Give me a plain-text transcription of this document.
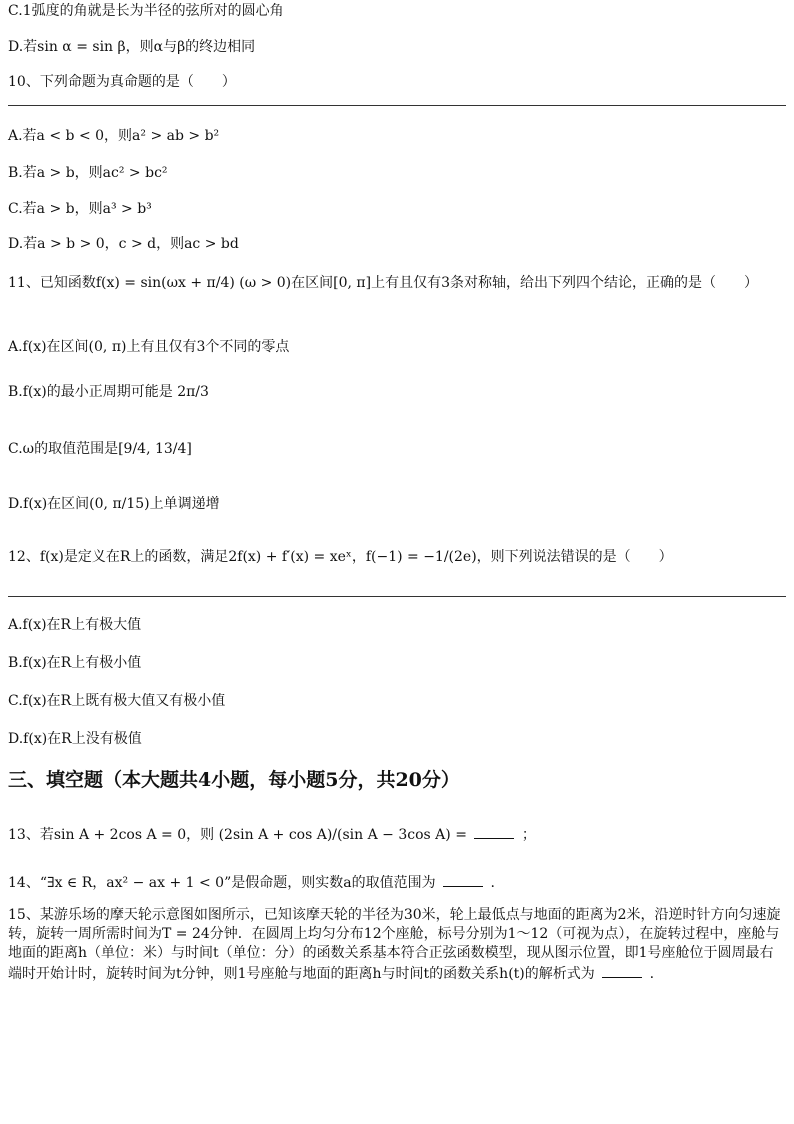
C.1弧度的角就是长为半径的弦所对的圆心角
D.若sin α = sin β，则α与β的终边相同
10、下列命题为真命题的是（　　）
A.若a < b < 0，则a² > ab > b²
B.若a > b，则ac² > bc²
C.若a > b，则a³ > b³
D.若a > b > 0，c > d，则ac > bd
11、已知函数f(x) = sin(ωx + π/4) (ω > 0)在区间[0, π]上有且仅有3条对称轴，给出下列四个结论，正确的是（　　）
A.f(x)在区间(0, π)上有且仅有3个不同的零点
B.f(x)的最小正周期可能是 2π/3
C.ω的取值范围是[9/4, 13/4]
D.f(x)在区间(0, π/15)上单调递增
12、f(x)是定义在R上的函数，满足2f(x) + f′(x) = xeˣ，f(−1) = −1/(2e)，则下列说法错误的是（　　）
A.f(x)在R上有极大值
B.f(x)在R上有极小值
C.f(x)在R上既有极大值又有极小值
D.f(x)在R上没有极值
三、填空题（本大题共4小题，每小题5分，共20分）
13、若sin A + 2cos A = 0，则 (2sin A + cos A)/(sin A − 3cos A) =	；
14、“∃x ∈ R，ax² − ax + 1 < 0”是假命题，则实数a的取值范围为	.
15、某游乐场的摩天轮示意图如图所示，已知该摩天轮的半径为30米，轮上最低点与地面的距离为2米，沿逆时针方向匀速旋转，旋转一周所需时间为T = 24分钟．在圆周上均匀分布12个座舱，标号分别为1～12（可视为点），在旋转过程中，座舱与地面的距离h（单位：米）与时间t（单位：分）的函数关系基本符合正弦函数模型，现从图示位置，即1号座舱位于圆周最右端时开始计时，旋转时间为t分钟，则1号座舱与地面的距离h与时间t的函数关系h(t)的解析式为	.
